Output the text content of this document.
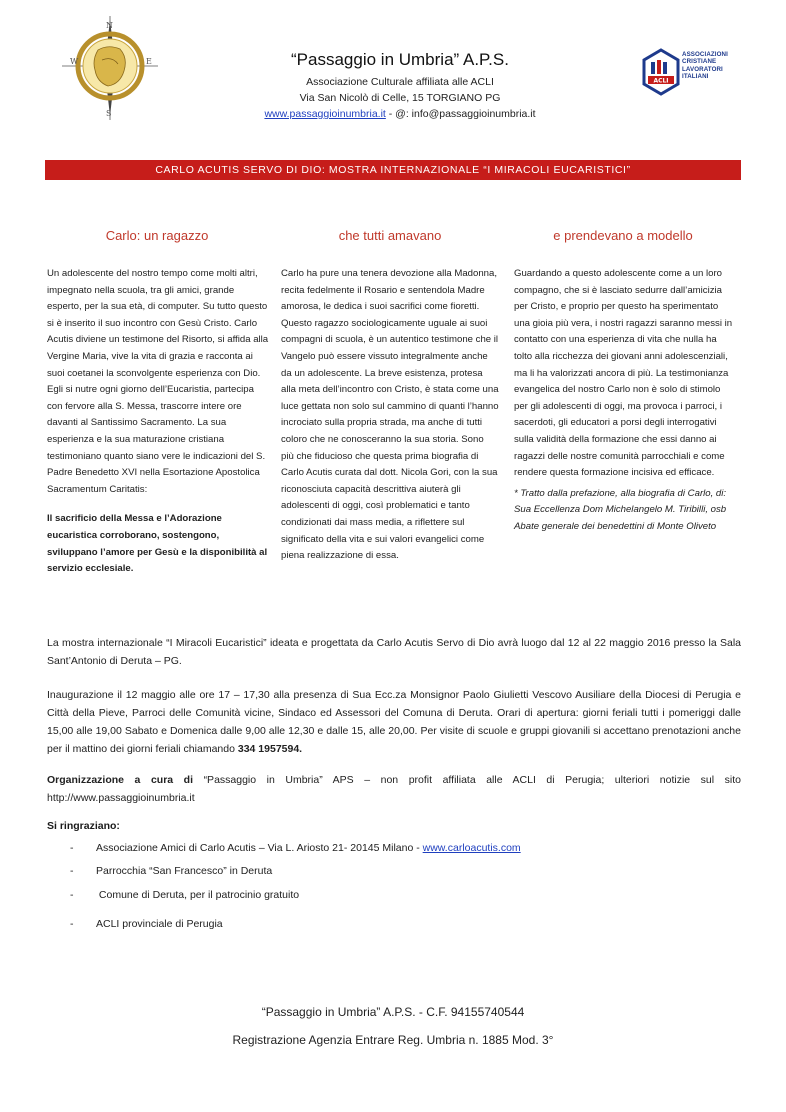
N
S
W	E	“Passaggio in Umbria” A.P.S.
Associazione Culturale affiliata alle ACLI
Via San Nicolò di Celle, 15 TORGIANO PG
www.passaggioinumbria.it - @: info@passaggioinumbria.it
ACLI
ASSOCIAZIONI
CRISTIANE
LAVORATORI
ITALIANI
CARLO ACUTIS SERVO DI DIO: MOSTRA INTERNAZIONALE “I MIRACOLI EUCARISTICI”
Carlo: un ragazzo	che tutti amavano	e prendevano a modello

Un adolescente del nostro tempo come molti altri, impegnato nella scuola, tra gli amici, grande esperto, per la sua età, di computer. Su tutto questo si è inserito il suo incontro con Gesù Cristo. Carlo Acutis diviene un testimone del Risorto, si affida alla Vergine Maria, vive la vita di grazia e racconta ai suoi coetanei la sconvolgente esperienza con Dio. Egli si nutre ogni giorno dell’Eucaristia, partecipa con fervore alla S. Messa, trascorre intere ore davanti al Santissimo Sacramento. La sua esperienza e la sua maturazione cristiana testimoniano quanto siano vere le indicazioni del S. Padre Benedetto XVI nella Esortazione Apostolica Sacramentum Caritatis:

Il sacrificio della Messa e l’Adorazione eucaristica corroborano, sostengono, sviluppano l’amore per Gesù e la disponibilità al servizio ecclesiale.

Carlo ha pure una tenera devozione alla Madonna, recita fedelmente il Rosario e sentendola Madre amorosa, le dedica i suoi sacrifici come fioretti. Questo ragazzo sociologicamente uguale ai suoi compagni di scuola, è un autentico testimone che il Vangelo può essere vissuto integralmente anche da un adolescente. La breve esistenza, protesa alla meta dell’incontro con Cristo, è stata come una luce gettata non solo sul cammino di quanti l’hanno incrociato sulla propria strada, ma anche di tutti coloro che ne conosceranno la sua storia. Sono più che fiducioso che questa prima biografia di Carlo Acutis curata dal dott. Nicola Gori, con la sua riconosciuta capacità descrittiva aiuterà gli adolescenti di oggi, così problematici e tanto condizionati dai mass media, a riflettere sul significato della vita e sui valori evangelici come piena realizzazione di essa.

Guardando a questo adolescente come a un loro compagno, che si è lasciato sedurre dall’amicizia per Cristo, e proprio per questo ha sperimentato una gioia più vera, i nostri ragazzi saranno messi in contatto con una esperienza di vita che nulla ha tolto alla ricchezza dei giovani anni adolescenziali, ma li ha valorizzati ancora di più. La testimonianza evangelica del nostro Carlo non è solo di stimolo per gli adolescenti di oggi, ma provoca i parroci, i sacerdoti, gli educatori a porsi degli interrogativi sulla validità della formazione che essi danno ai ragazzi delle nostre comunità parrocchiali e come rendere questa formazione incisiva ed efficace.

* Tratto dalla prefazione, alla biografia di Carlo, di: Sua Eccellenza Dom Michelangelo M. Tiribilli, osb Abate generale dei benedettini di Monte Oliveto

La mostra internazionale “I Miracoli Eucaristici” ideata e progettata da Carlo Acutis Servo di Dio avrà luogo dal 12 al 22 maggio 2016 presso la Sala Sant’Antonio di Deruta – PG.
Inaugurazione il 12 maggio alle ore 17 – 17,30 alla presenza di Sua Ecc.za Monsignor Paolo Giulietti Vescovo Ausiliare della Diocesi di Perugia e Città della Pieve, Parroci delle Comunità vicine, Sindaco ed Assessori del Comuna di Deruta. Orari di apertura: giorni feriali tutti i pomeriggi dalle 15,00 alle 19,00 Sabato e Domenica dalle 9,00 alle 12,30 e dalle 15, alle 20,00. Per visite di scuole e gruppi giovanili si accettano prenotazioni anche per il mattino dei giorni feriali chiamando 334 1957594.
Organizzazione a cura di “Passaggio in Umbria” APS – non profit affiliata alle ACLI di Perugia; ulteriori notizie sul sito http://www.passaggioinumbria.it
Si ringraziano:
- Associazione Amici di Carlo Acutis – Via L. Ariosto 21- 20145 Milano - www.carloacutis.com
- Parrocchia “San Francesco” in Deruta
- Comune di Deruta, per il patrocinio gratuito
- ACLI provinciale di Perugia
“Passaggio in Umbria” A.P.S. - C.F. 94155740544
Registrazione Agenzia Entrare Reg. Umbria n. 1885 Mod. 3°
